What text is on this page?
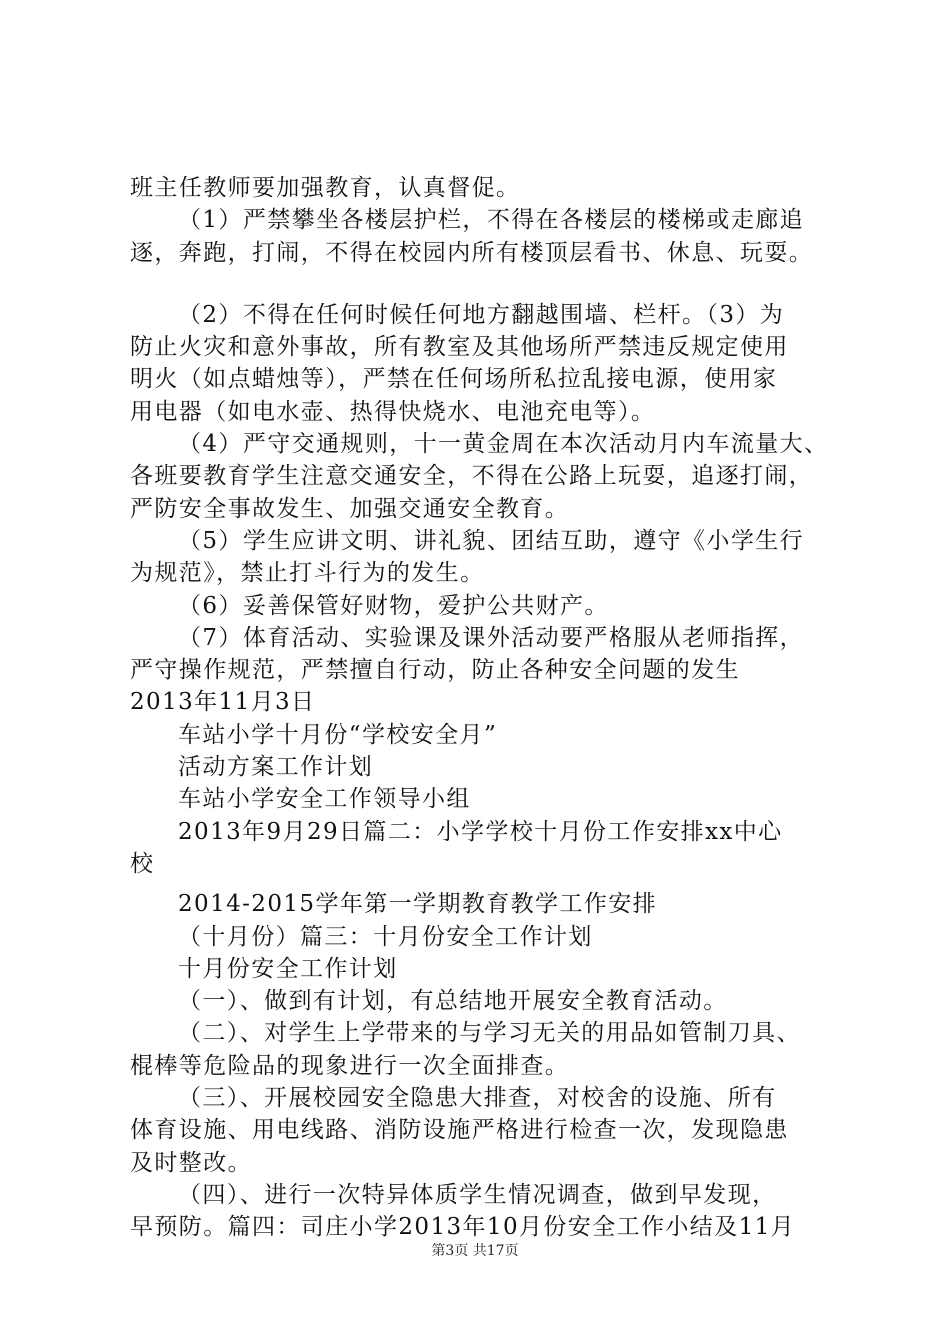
班主任教师要加强教育，认真督促。
（1）严禁攀坐各楼层护栏，不得在各楼层的楼梯或走廊追
逐，奔跑，打闹，不得在校园内所有楼顶层看书、休息、玩耍。
（2）不得在任何时候任何地方翻越围墙、栏杆。（3）为
防止火灾和意外事故，所有教室及其他场所严禁违反规定使用
明火（如点蜡烛等），严禁在任何场所私拉乱接电源，使用家
用电器（如电水壶、热得快烧水、电池充电等）。
（4）严守交通规则，十一黄金周在本次活动月内车流量大、
各班要教育学生注意交通安全，不得在公路上玩耍，追逐打闹，
严防安全事故发生、加强交通安全教育。
（5）学生应讲文明、讲礼貌、团结互助，遵守《小学生行
为规范》，禁止打斗行为的发生。
（6）妥善保管好财物，爱护公共财产。
（7）体育活动、实验课及课外活动要严格服从老师指挥，
严守操作规范，严禁擅自行动，防止各种安全问题的发生
2013年11月3日
车站小学十月份“学校安全月”
活动方案工作计划
车站小学安全工作领导小组
2013年9月29日篇二：小学学校十月份工作安排xx中心
校
2014-2015学年第一学期教育教学工作安排
（十月份）篇三：十月份安全工作计划
十月份安全工作计划
（一）、做到有计划，有总结地开展安全教育活动。
（二）、对学生上学带来的与学习无关的用品如管制刀具、
棍棒等危险品的现象进行一次全面排查。
（三）、开展校园安全隐患大排查，对校舍的设施、所有
体育设施、用电线路、消防设施严格进行检查一次，发现隐患
及时整改。
（四）、进行一次特异体质学生情况调查，做到早发现，
早预防。篇四：司庄小学2013年10月份安全工作小结及11月
第3页 共17页
